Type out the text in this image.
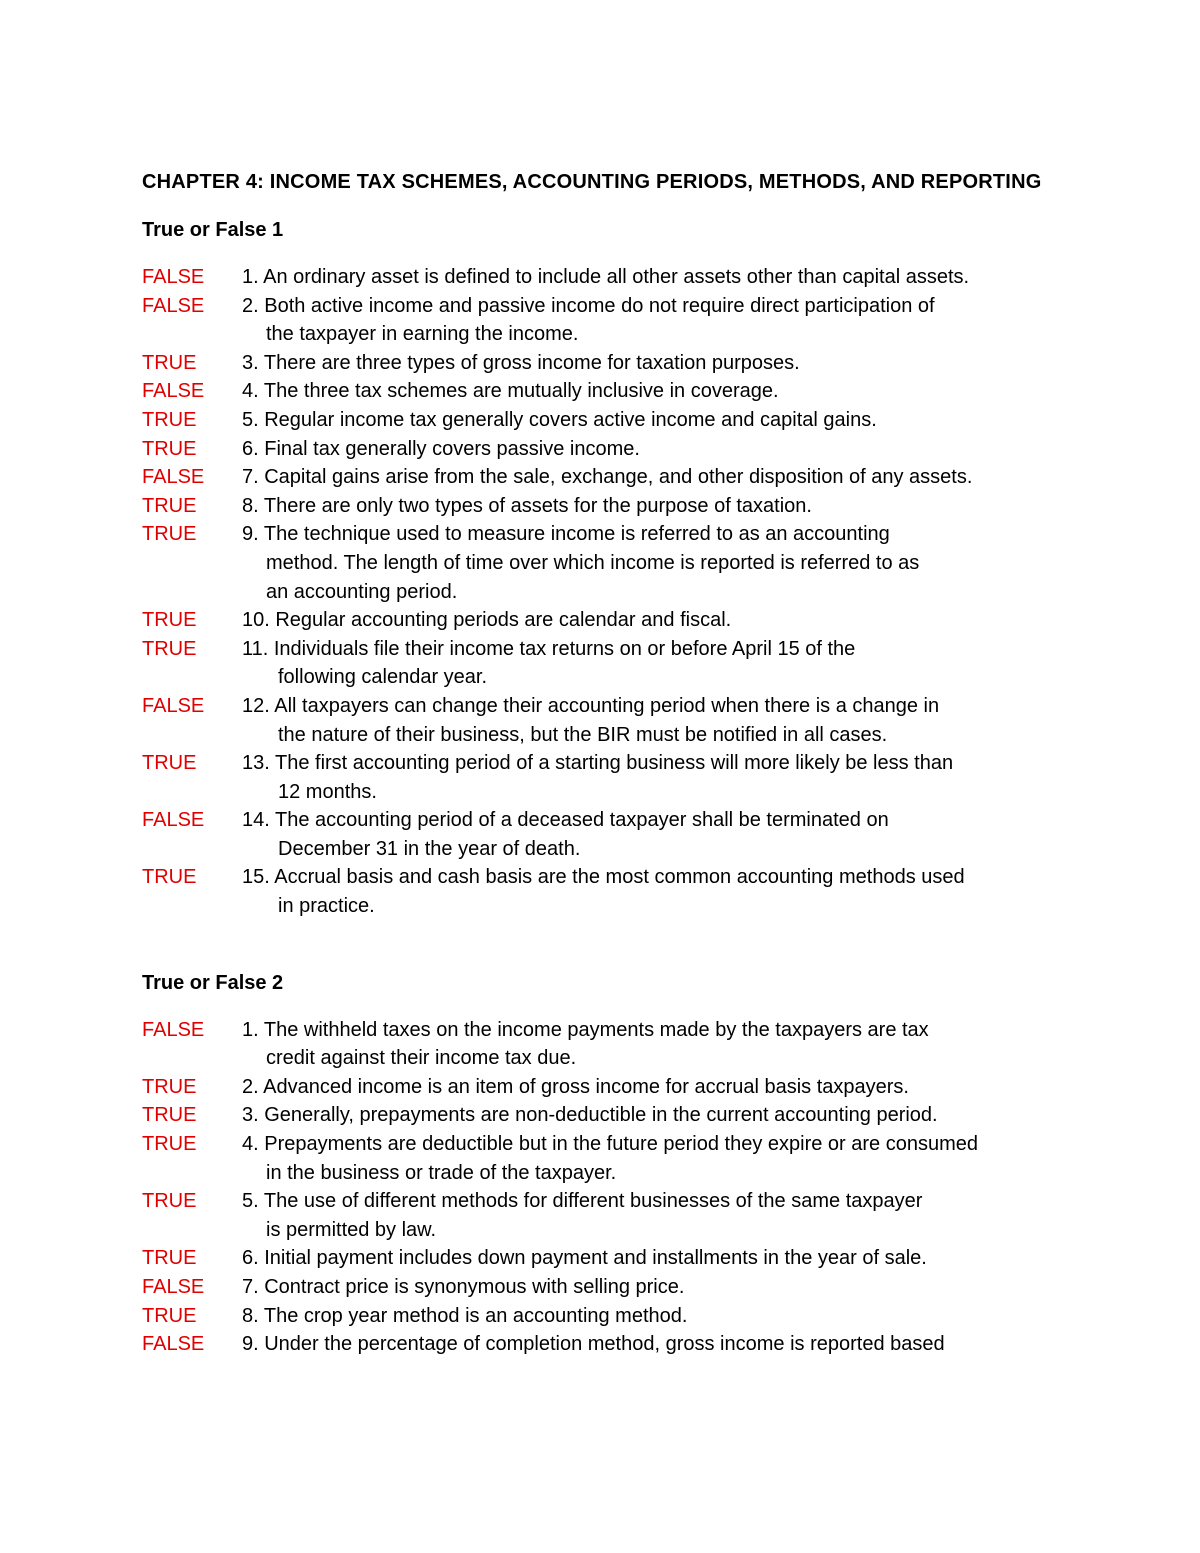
CHAPTER 4: INCOME TAX SCHEMES, ACCOUNTING PERIODS, METHODS, AND REPORTING
True or False 1
FALSE	1. An ordinary asset is defined to include all other assets other than capital assets.
FALSE	2. Both active income and passive income do not require direct participation of
the taxpayer in earning the income.
TRUE	3. There are three types of gross income for taxation purposes.
FALSE	4. The three tax schemes are mutually inclusive in coverage.
TRUE	5. Regular income tax generally covers active income and capital gains.
TRUE	6. Final tax generally covers passive income.
FALSE	7. Capital gains arise from the sale, exchange, and other disposition of any assets.
TRUE	8. There are only two types of assets for the purpose of taxation.
TRUE	9. The technique used to measure income is referred to as an accounting
method. The length of time over which income is reported is referred to as
an accounting period.
TRUE	10. Regular accounting periods are calendar and fiscal.
TRUE	11. Individuals file their income tax returns on or before April 15 of the
following calendar year.
FALSE	12. All taxpayers can change their accounting period when there is a change in
the nature of their business, but the BIR must be notified in all cases.
TRUE	13. The first accounting period of a starting business will more likely be less than
12 months.
FALSE	14. The accounting period of a deceased taxpayer shall be terminated on
December 31 in the year of death.
TRUE	15. Accrual basis and cash basis are the most common accounting methods used
in practice.
True or False 2
FALSE	1. The withheld taxes on the income payments made by the taxpayers are tax
credit against their income tax due.
TRUE	2. Advanced income is an item of gross income for accrual basis taxpayers.
TRUE	3. Generally, prepayments are non-deductible in the current accounting period.
TRUE	4. Prepayments are deductible but in the future period they expire or are consumed
in the business or trade of the taxpayer.
TRUE	5. The use of different methods for different businesses of the same taxpayer
is permitted by law.
TRUE	6. Initial payment includes down payment and installments in the year of sale.
FALSE	7. Contract price is synonymous with selling price.
TRUE	8. The crop year method is an accounting method.
FALSE	9. Under the percentage of completion method, gross income is reported based
